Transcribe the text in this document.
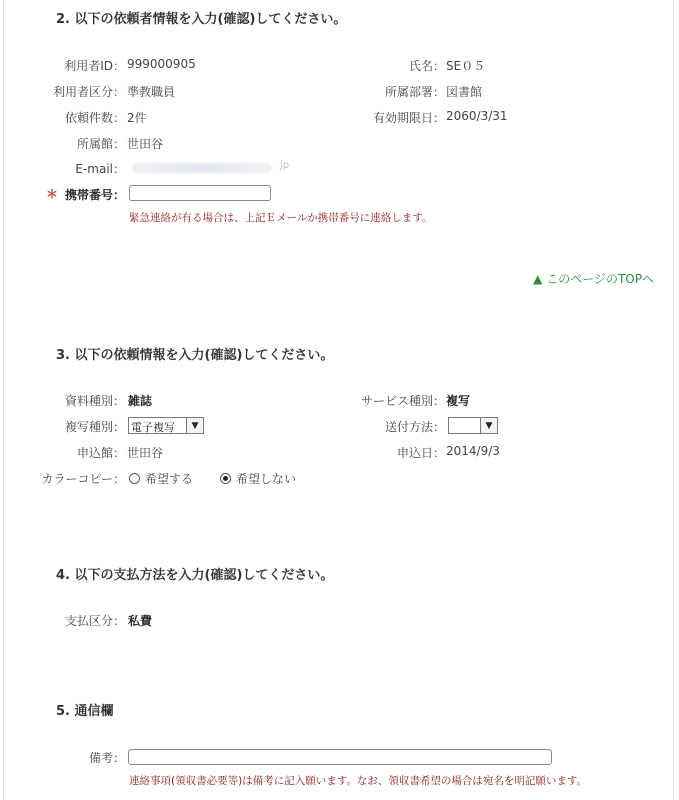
2. 以下の依頼者情報を入力(確認)してください。
利用者ID： 999000905	氏名： SE０５
利用者区分： 準教職員	所属部署： 図書館
依頼件数： 2件	有効期限日： 2060/3/31
所属館： 世田谷
E-mail：	jp
＊ 携帯番号：
緊急連絡が有る場合は、上記Ｅメールか携帯番号に連絡します。
▲ このページのTOPへ
3. 以下の依頼情報を入力(確認)してください。
資料種別： 雑誌	サービス種別： 複写
複写種別： 電子複写	▼	送付方法：	▼
申込館： 世田谷	申込日： 2014/9/3
カラーコピー： 希望する	希望しない
4. 以下の支払方法を入力(確認)してください。
支払区分： 私費
5. 通信欄
備考：
連絡事項(領収書必要等)は備考に記入願います。なお、領収書希望の場合は宛名を明記願います。
